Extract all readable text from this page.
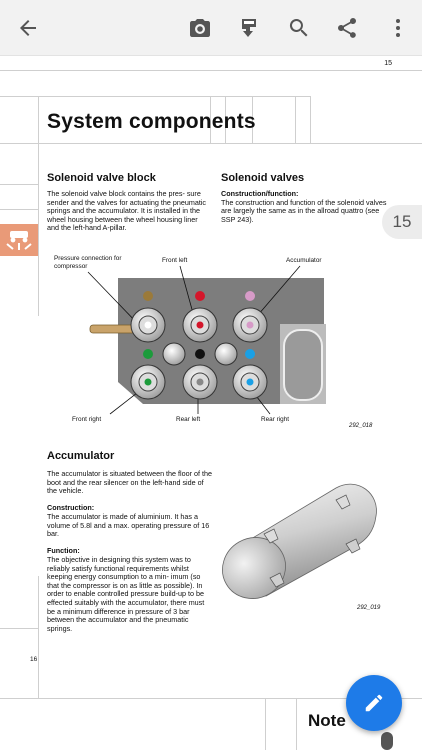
15
System components
Solenoid valve block
The solenoid valve block contains the pres- sure sender and the valves for actuating the pneumatic springs and the accumulator. It is installed in the wheel housing between the wheel housing liner and the left-hand A-pillar.
Solenoid valves
Construction/function:
The construction and function of the solenoid valves are largely the same as in the allroad quattro (see SSP 243).
Pressure connection for compressor
Front left	Accumulator
Front right	Rear left	Rear right
292_018
Accumulator
The accumulator is situated between the floor of the boot and the rear silencer on the left-hand side of the vehicle.

Construction:
The accumulator is made of aluminium. It has a volume of 5.8l and a max. operating pressure of 16 bar.

Function:
The objective in designing this system was to reliably satisfy functional requirements whilst keeping energy consumption to a min- imum (so that the compressor is on as little as possible). In order to enable controlled pressure build-up to be effected suitably with the accumulator, there must be a minimum difference in pressure of 3 bar between the accumulator and the pneumatic springs.
292_019
16
15
Note
